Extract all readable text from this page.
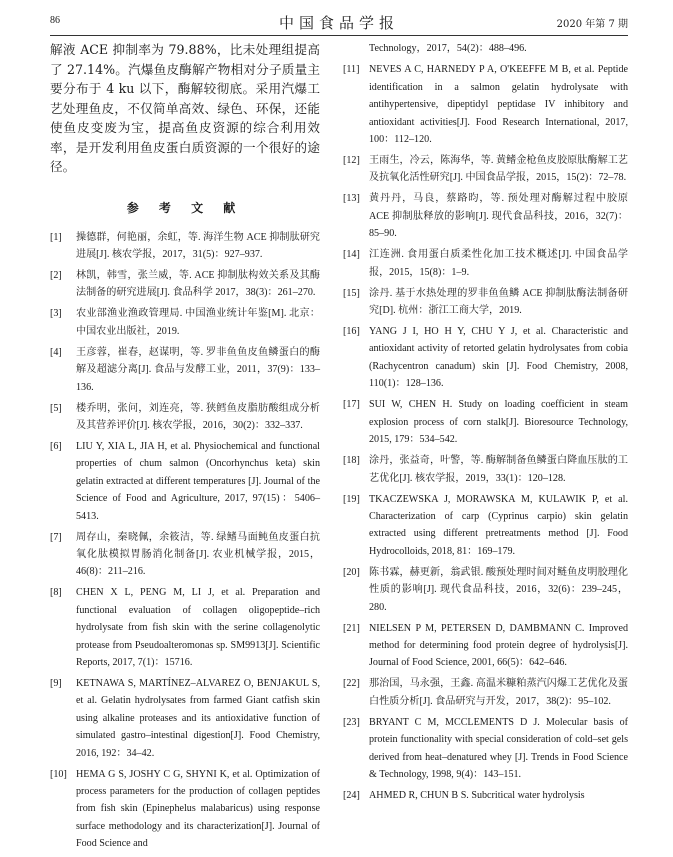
86	中国食品学报	2020 年第 7 期

解液 ACE 抑制率为 79.88%，比未处理组提高了 27.14%。汽爆鱼皮酶解产物相对分子质量主要分布于 4 ku 以下，酶解较彻底。采用汽爆工艺处理鱼皮，不仅简单高效、绿色、环保，还能使鱼皮变废为宝，提高鱼皮资源的综合利用效率，是开发利用鱼皮蛋白质资源的一个很好的途径。

参 考 文 献
[1]	操德群，何艳丽，余虹，等. 海洋生物 ACE 抑制肽研究进展[J]. 核农学报，2017，31(5)：927–937.
[2]	林凯，韩雪，张兰威，等. ACE 抑制肽构效关系及其酶法制备的研究进展[J]. 食品科学 2017，38(3)：261–270.
[3]	农业部渔业渔政管理局. 中国渔业统计年鉴[M]. 北京：中国农业出版社，2019.
[4]	王彦蓉，崔春，赵谋明，等. 罗非鱼鱼皮鱼鳞蛋白的酶解及超滤分离[J]. 食品与发酵工业，2011，37(9)：133–136.
[5]	楼乔明，张问，刘连亮，等. 狭鳕鱼皮脂肪酸组成分析及其营养评价[J]. 核农学报，2016，30(2)：332–337.
[6]	LIU Y, XIA L, JIA H, et al. Physiochemical and functional properties of chum salmon (Oncorhynchus keta) skin gelatin extracted at different temperatures [J]. Journal of the Science of Food and Agriculture, 2017, 97(15)：5406–5413.
[7]	周存山，秦晓佩，余筱洁，等. 绿鳍马面鲀鱼皮蛋白抗氧化肽模拟胃肠消化制备[J]. 农业机械学报，2015，46(8)：211–216.
[8]	CHEN X L, PENG M, LI J, et al. Preparation and functional evaluation of collagen oligopeptide–rich hydrolysate from fish skin with the serine collagenolytic protease from Pseudoalteromonas sp. SM9913[J]. Scientific Reports, 2017, 7(1)：15716.
[9]	KETNAWA S, MARTÍNEZ–ALVAREZ O, BENJAKUL S, et al. Gelatin hydrolysates from farmed Giant catfish skin using alkaline proteases and its antioxidative function of simulated gastro–intestinal digestion[J]. Food Chemistry, 2016, 192：34–42.
[10] HEMA G S, JOSHY C G, SHYNI K, et al. Optimization of process parameters for the production of collagen peptides from fish skin (Epinephelus malabaricus) using response surface methodology and its characterization[J]. Journal of Food Science and
Technology，2017，54(2)：488–496.
[11] NEVES A C, HARNEDY P A, O'KEEFFE M B, et al. Peptide identification in a salmon gelatin hydrolysate with antihypertensive, dipeptidyl peptidase IV inhibitory and antioxidant activities[J]. Food Research International, 2017, 100：112–120.
[12] 王雨生，冷云，陈海华，等. 黄鳍金枪鱼皮胶原肽酶解工艺及抗氧化活性研究[J]. 中国食品学报，2015，15(2)：72–78.
[13] 黄丹丹，马良，蔡路昀，等. 预处理对酶解过程中胶原 ACE 抑制肽释放的影响[J]. 现代食品科技，2016，32(7)：85–90.
[14] 江连洲. 食用蛋白质柔性化加工技术概述[J]. 中国食品学报，2015，15(8)：1–9.
[15] 涂丹. 基于水热处理的罗非鱼鱼鳞 ACE 抑制肽酶法制备研究[D]. 杭州：浙江工商大学，2019.
[16] YANG J I, HO H Y, CHU Y J, et al. Characteristic and antioxidant activity of retorted gelatin hydrolysates from cobia (Rachycentron canadum) skin [J]. Food Chemistry, 2008, 110(1)：128–136.
[17] SUI W, CHEN H. Study on loading coefficient in steam explosion process of corn stalk[J]. Bioresource Technology, 2015, 179：534–542.
[18] 涂丹，张益奇，叶警，等. 酶解制备鱼鳞蛋白降血压肽的工艺优化[J]. 核农学报，2019，33(1)：120–128.
[19] TKACZEWSKA J, MORAWSKA M, KULAWIK P, et al. Characterization of carp (Cyprinus carpio) skin gelatin extracted using different pretreatments method [J]. Food Hydrocolloids, 2018, 81：169–179.
[20] 陈书霖，赫更新，翁武银. 酸预处理时间对鲢鱼皮明胶理化性质的影响[J]. 现代食品科技，2016，32(6)：239–245，280.
[21] NIELSEN P M, PETERSEN D, DAMBMANN C. Improved method for determining food protein degree of hydrolysis[J]. Journal of Food Science, 2001, 66(5)：642–646.
[22] 那治国，马永强，王鑫. 高温米糠粕蒸汽闪爆工艺优化及蛋白性质分析[J]. 食品研究与开发，2017，38(2)：95–102.
[23] BRYANT C M, MCCLEMENTS D J. Molecular basis of protein functionality with special consideration of cold–set gels derived from heat–denatured whey [J]. Trends in Food Science & Technology, 1998, 9(4)：143–151.
[24] AHMED R, CHUN B S. Subcritical water hydrolysis
